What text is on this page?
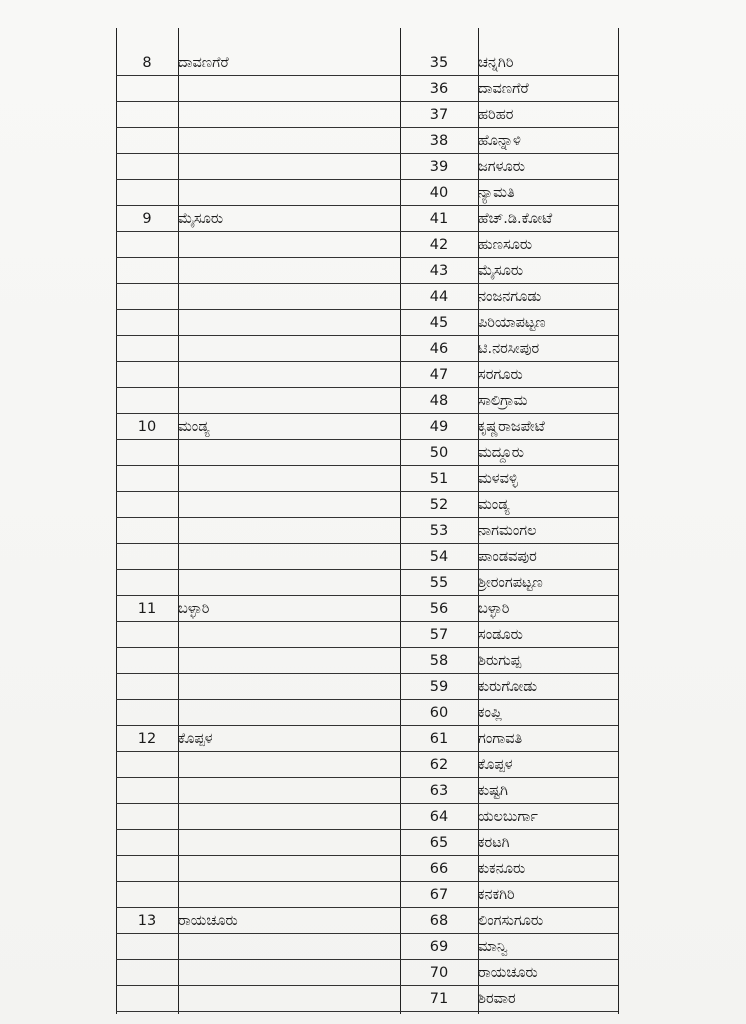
8	ದಾವಣಗೆರೆ	35	ಚನ್ನಗಿರಿ
		36	ದಾವಣಗೆರೆ
		37	ಹರಿಹರ
		38	ಹೊನ್ನಾಳಿ
		39	ಜಗಳೂರು
		40	ನ್ಯಾಮತಿ
9	ಮೈಸೂರು	41	ಹೆಚ್.ಡಿ.ಕೋಟೆ
		42	ಹುಣಸೂರು
		43	ಮೈಸೂರು
		44	ನಂಜನಗೂಡು
		45	ಪಿರಿಯಾಪಟ್ಟಣ
		46	ಟಿ.ನರಸೀಪುರ
		47	ಸರಗೂರು
		48	ಸಾಲಿಗ್ರಾಮ
10	ಮಂಡ್ಯ	49	ಕೃಷ್ಣರಾಜಪೇಟೆ
		50	ಮದ್ದೂರು
		51	ಮಳವಳ್ಳಿ
		52	ಮಂಡ್ಯ
		53	ನಾಗಮಂಗಲ
		54	ಪಾಂಡವಪುರ
		55	ಶ್ರೀರಂಗಪಟ್ಟಣ
11	ಬಳ್ಳಾರಿ	56	ಬಳ್ಳಾರಿ
		57	ಸಂಡೂರು
		58	ಶಿರುಗುಪ್ಪ
		59	ಕುರುಗೋಡು
		60	ಕಂಪ್ಲಿ
12	ಕೊಪ್ಪಳ	61	ಗಂಗಾವತಿ
		62	ಕೊಪ್ಪಳ
		63	ಕುಷ್ಟಗಿ
		64	ಯಲಬುರ್ಗಾ
		65	ಕರಟಗಿ
		66	ಕುಕನೂರು
		67	ಕನಕಗಿರಿ
13	ರಾಯಚೂರು	68	ಲಿಂಗಸುಗೂರು
		69	ಮಾನ್ವಿ
		70	ರಾಯಚೂರು
		71	ಶಿರವಾರ
